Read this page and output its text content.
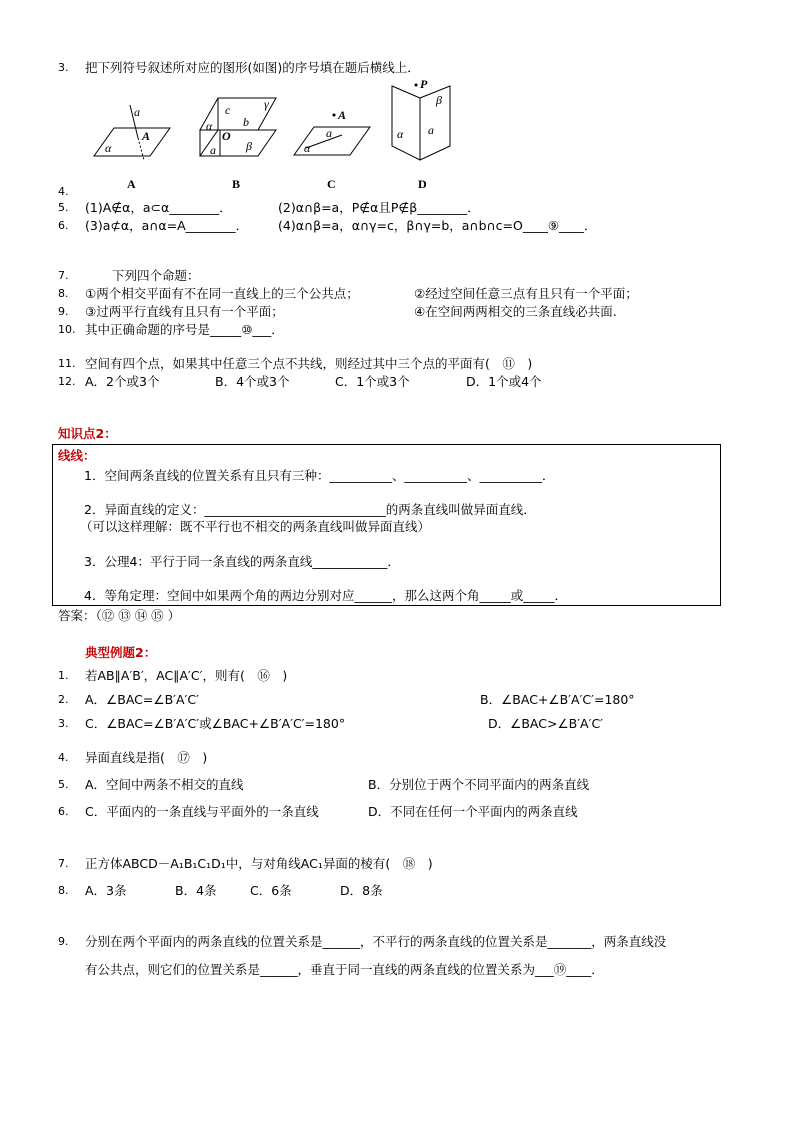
3. 把下列符号叙述所对应的图形(如图)的序号填在题后横线上．
a
A
α
A
c	γ
b
α
O
a	β
B
A
a
α
C
P
β
a
α
D
4.
5. (1)A∉α，a⊂α________．	(2)α∩β=a，P∉α且P∉β________．
6. (3)a⊄α，a∩α=A________． (4)α∩β=a，α∩γ=c，β∩γ=b，a∩b∩c=O____⑨____．
7.	下列四个命题：
8. ①两个相交平面有不在同一直线上的三个公共点；	②经过空间任意三点有且只有一个平面；
9. ③过两平行直线有且只有一个平面；	④在空间两两相交的三条直线必共面.
10. 其中正确命题的序号是_____⑩___．
11. 空间有四个点，如果其中任意三个点不共线，则经过其中三个点的平面有(　⑪　)
12. A．2个或3个	B．4个或3个	C．1个或3个	D．1个或4个
知识点2：
线线：
1．空间两条直线的位置关系有且只有三种：__________、__________、__________．
2．异面直线的定义：_____________________________的两条直线叫做异面直线．
（可以这样理解：既不平行也不相交的两条直线叫做异面直线）
3．公理4：平行于同一条直线的两条直线____________．
4．等角定理：空间中如果两个角的两边分别对应______，那么这两个角_____或_____．
答案：（⑫ ⑬ ⑭ ⑮ ）
典型例题2：
1. 若AB∥A′B′，AC∥A′C′，则有(　⑯　)
2. A．∠BAC=∠B′A′C′	B．∠BAC+∠B′A′C′=180°
3. C．∠BAC=∠B′A′C′或∠BAC+∠B′A′C′=180°	D．∠BAC>∠B′A′C′
4. 异面直线是指(　⑰　)
5. A．空间中两条不相交的直线	B．分别位于两个不同平面内的两条直线
6. C．平面内的一条直线与平面外的一条直线	D．不同在任何一个平面内的两条直线
7. 正方体ABCD－A₁B₁C₁D₁中，与对角线AC₁异面的棱有(　⑱　)
8. A．3条	B．4条	C．6条	D．8条
9. 分别在两个平面内的两条直线的位置关系是______，不平行的两条直线的位置关系是_______，两条直线没
有公共点，则它们的位置关系是______，垂直于同一直线的两条直线的位置关系为___⑲____．
